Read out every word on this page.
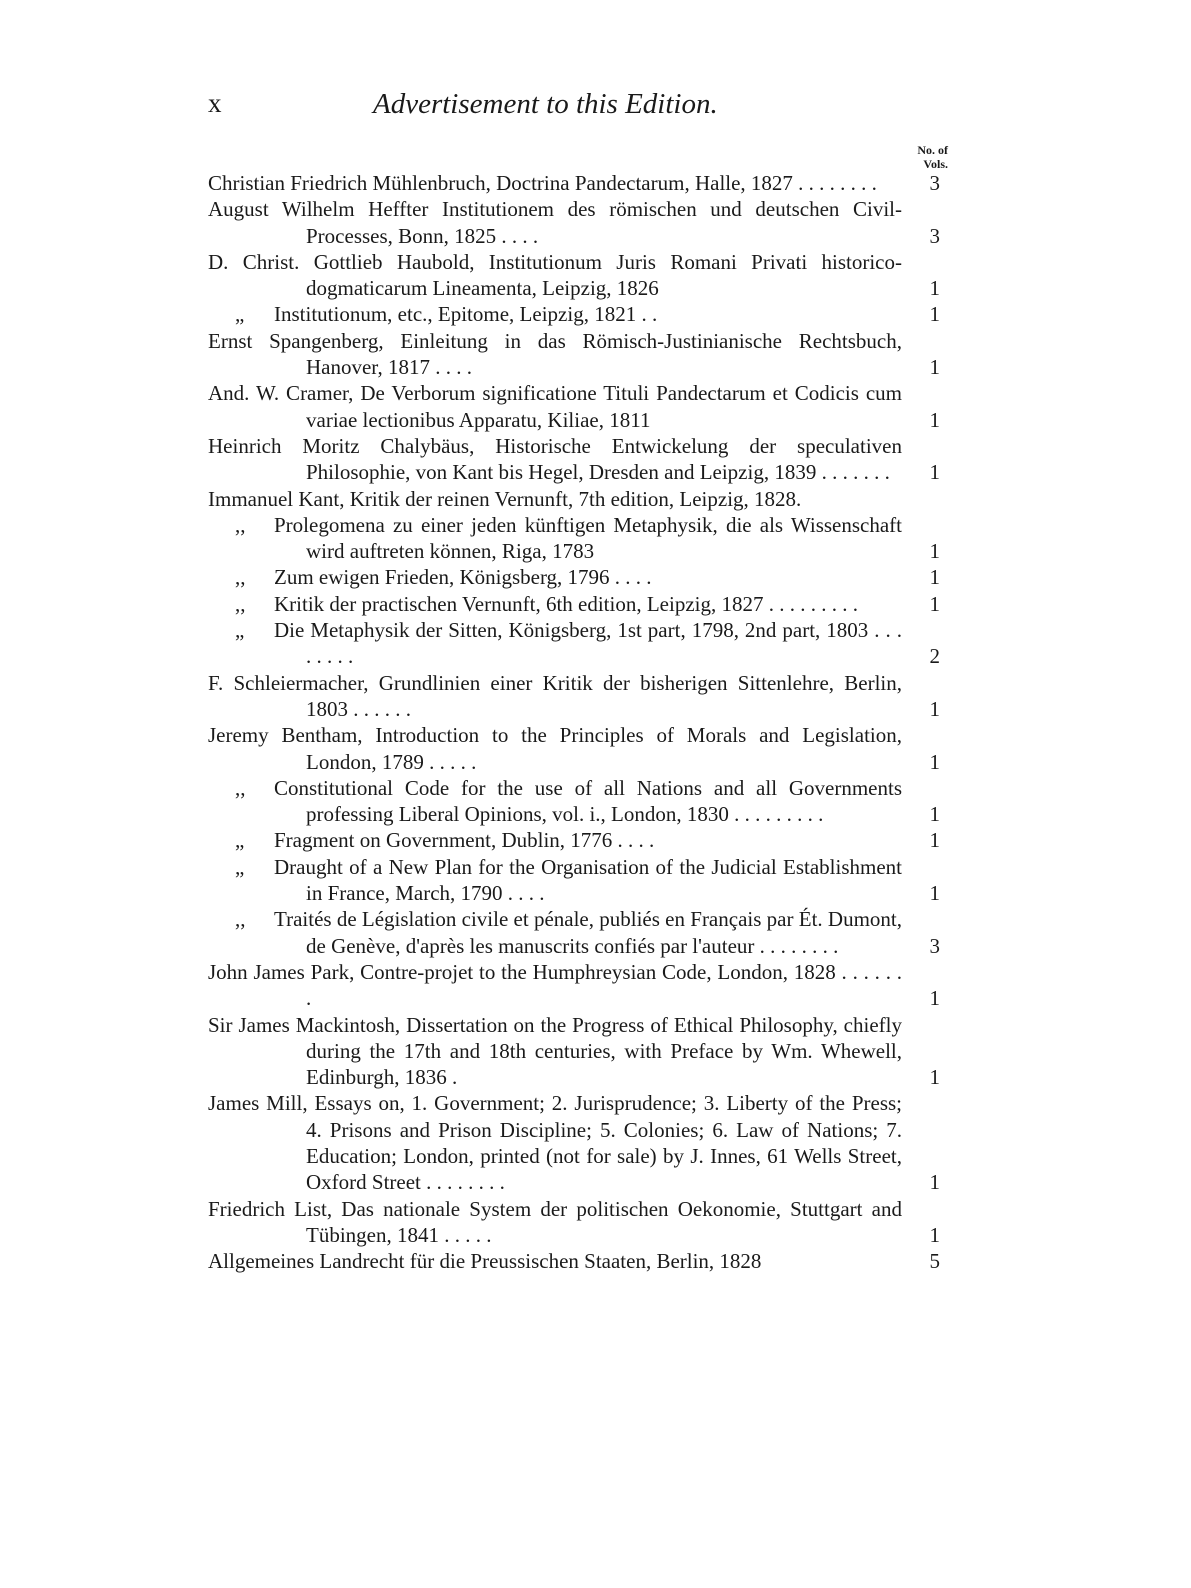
x	Advertisement to this Edition.
No. of
Vols.
Christian Friedrich Mühlenbruch, Doctrina Pandectarum, Halle, 1827 . . . . . . . .	3
August Wilhelm Heffter Institutionem des römischen und deutschen Civil-Processes, Bonn, 1825 . . . .	3
D. Christ. Gottlieb Haubold, Institutionum Juris Romani Privati historico-dogmaticarum Lineamenta, Leipzig, 1826	1
„ Institutionum, etc., Epitome, Leipzig, 1821 . .	1
Ernst Spangenberg, Einleitung in das Römisch-Justinianische Rechtsbuch, Hanover, 1817 . . . .	1
And. W. Cramer, De Verborum significatione Tituli Pandectarum et Codicis cum variae lectionibus Apparatu, Kiliae, 1811	1
Heinrich Moritz Chalybäus, Historische Entwickelung der speculativen Philosophie, von Kant bis Hegel, Dresden and Leipzig, 1839 . . . . . . .	1
Immanuel Kant, Kritik der reinen Vernunft, 7th edition, Leipzig, 1828.
,, Prolegomena zu einer jeden künftigen Metaphysik, die als Wissenschaft wird auftreten können, Riga, 1783	1
,, Zum ewigen Frieden, Königsberg, 1796 . . . .	1
,, Kritik der practischen Vernunft, 6th edition, Leipzig, 1827 . . . . . . . . .	1
„ Die Metaphysik der Sitten, Königsberg, 1st part, 1798, 2nd part, 1803 . . . . . . . .	2
F. Schleiermacher, Grundlinien einer Kritik der bisherigen Sittenlehre, Berlin, 1803 . . . . . .	1
Jeremy Bentham, Introduction to the Principles of Morals and Legislation, London, 1789 . . . . .	1
,, Constitutional Code for the use of all Nations and all Governments professing Liberal Opinions, vol. i., London, 1830 . . . . . . . . .	1
„ Fragment on Government, Dublin, 1776 . . . .	1
„ Draught of a New Plan for the Organisation of the Judicial Establishment in France, March, 1790 . . . .	1
,, Traités de Législation civile et pénale, publiés en Français par Ét. Dumont, de Genève, d'après les manuscrits confiés par l'auteur . . . . . . . .	3
John James Park, Contre-projet to the Humphreysian Code, London, 1828 . . . . . . .	1
Sir James Mackintosh, Dissertation on the Progress of Ethical Philosophy, chiefly during the 17th and 18th centuries, with Preface by Wm. Whewell, Edinburgh, 1836 .	1
James Mill, Essays on, 1. Government; 2. Jurisprudence; 3. Liberty of the Press; 4. Prisons and Prison Discipline; 5. Colonies; 6. Law of Nations; 7. Education; London, printed (not for sale) by J. Innes, 61 Wells Street, Oxford Street . . . . . . . .	1
Friedrich List, Das nationale System der politischen Oekonomie, Stuttgart and Tübingen, 1841 . . . . .	1
Allgemeines Landrecht für die Preussischen Staaten, Berlin, 1828	5
